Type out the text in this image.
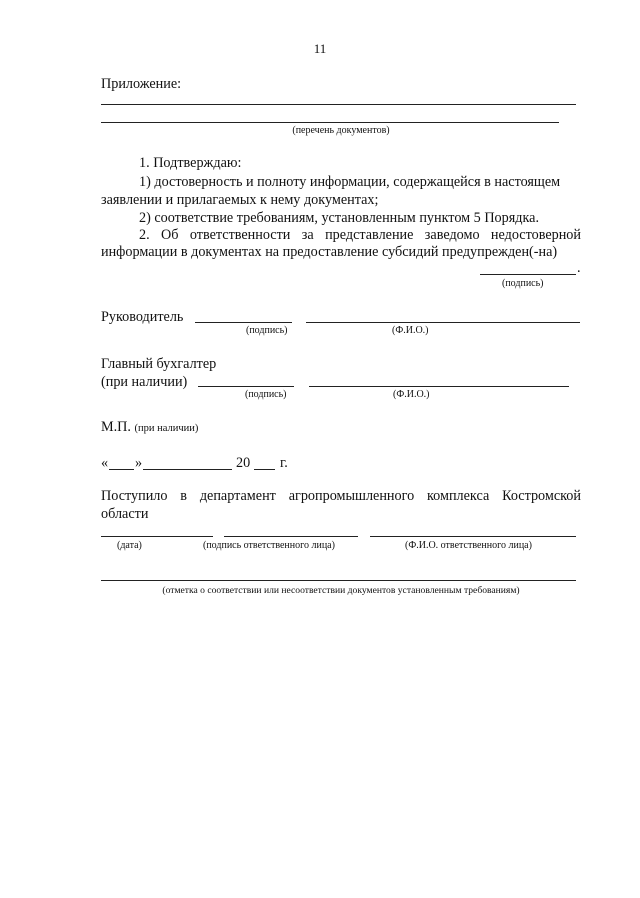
11
Приложение:
(перечень документов)
1. Подтверждаю:
1) достоверность и полноту информации, содержащейся в настоящем
заявлении и прилагаемых к нему документах;
2) соответствие требованиям, установленным пунктом 5 Порядка.
2. Об ответственности за представление заведомо недостоверной
информации в документах на предоставление субсидий предупрежден(-на)
.
(подпись)
Руководитель
(подпись)	(Ф.И.О.)
Главный бухгалтер
(при наличии)
(подпись)	(Ф.И.О.)
М.П. (при наличии)
« »	20 г.
Поступило в департамент агропромышленного комплекса Костромской
области
(дата)	(подпись ответственного лица)	(Ф.И.О. ответственного лица)
(отметка о соответствии или несоответствии документов установленным требованиям)
